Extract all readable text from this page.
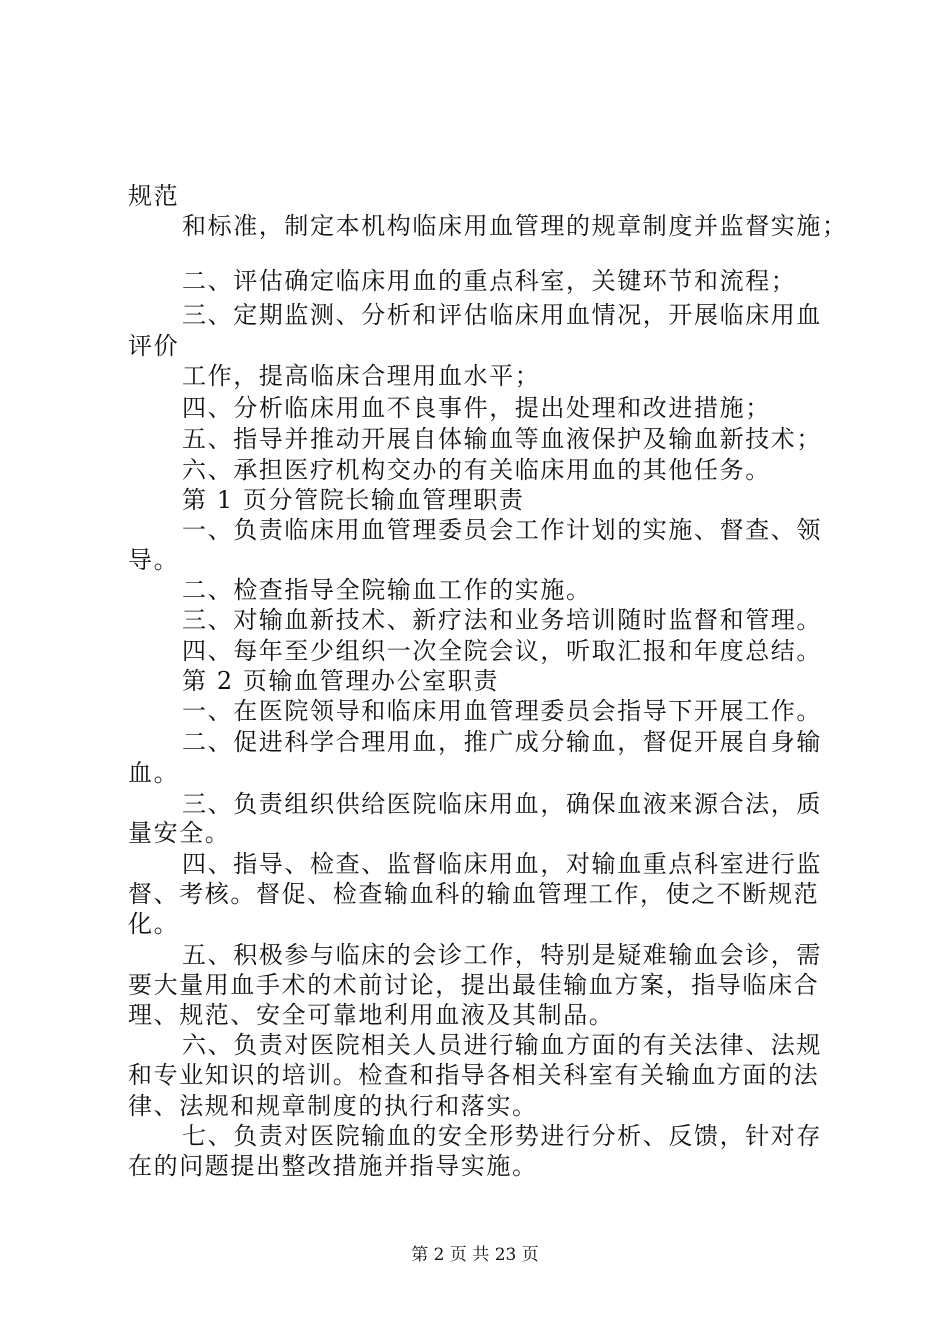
规范
和标准，制定本机构临床用血管理的规章制度并监督实施；
二、评估确定临床用血的重点科室，关键环节和流程；
三、定期监测、分析和评估临床用血情况，开展临床用血
评价
工作，提高临床合理用血水平；
四、分析临床用血不良事件，提出处理和改进措施；
五、指导并推动开展自体输血等血液保护及输血新技术；
六、承担医疗机构交办的有关临床用血的其他任务。
第 1 页分管院长输血管理职责
一、负责临床用血管理委员会工作计划的实施、督查、领
导。
二、检查指导全院输血工作的实施。
三、对输血新技术、新疗法和业务培训随时监督和管理。
四、每年至少组织一次全院会议，听取汇报和年度总结。
第 2 页输血管理办公室职责
一、在医院领导和临床用血管理委员会指导下开展工作。
二、促进科学合理用血，推广成分输血，督促开展自身输
血。
三、负责组织供给医院临床用血，确保血液来源合法，质
量安全。
四、指导、检查、监督临床用血，对输血重点科室进行监
督、考核。督促、检查输血科的输血管理工作，使之不断规范
化。
五、积极参与临床的会诊工作，特别是疑难输血会诊，需
要大量用血手术的术前讨论，提出最佳输血方案，指导临床合
理、规范、安全可靠地利用血液及其制品。
六、负责对医院相关人员进行输血方面的有关法律、法规
和专业知识的培训。检查和指导各相关科室有关输血方面的法
律、法规和规章制度的执行和落实。
七、负责对医院输血的安全形势进行分析、反馈，针对存
在的问题提出整改措施并指导实施。
第 2 页 共 23 页
